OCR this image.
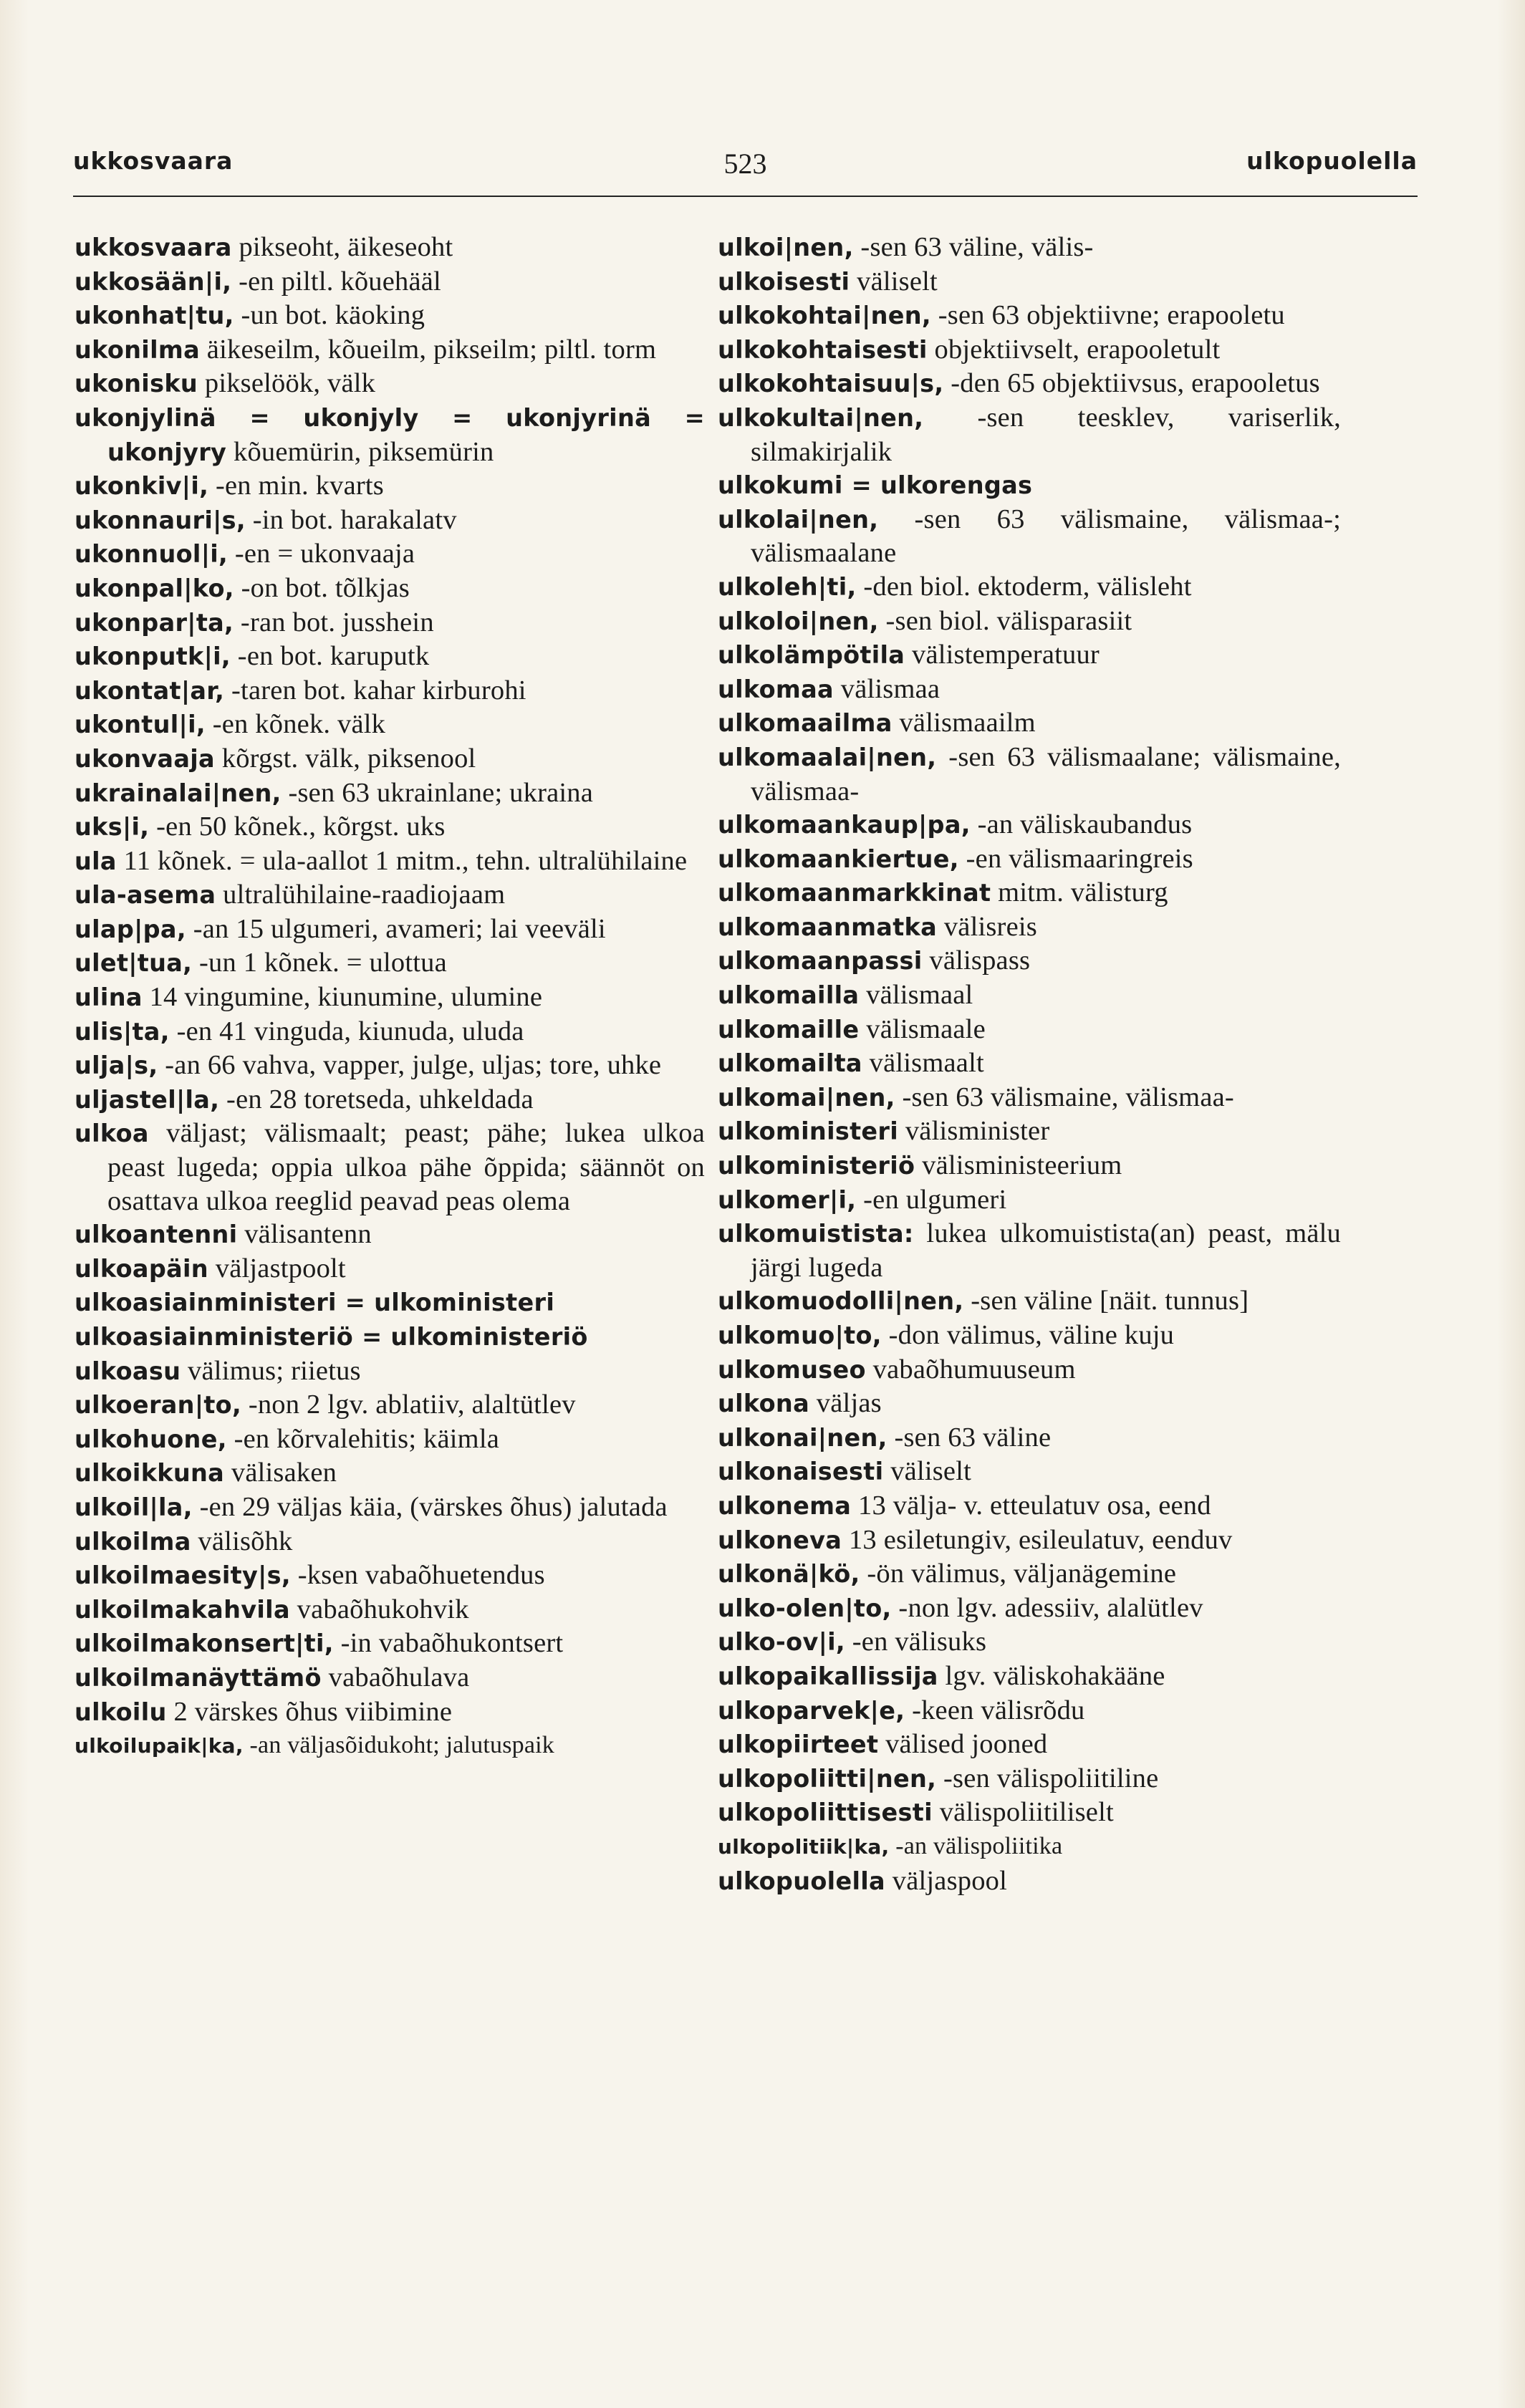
ukkosvaara	523	ulkopuolella
ukkosvaara pikseoht, äikeseoht
ukkosään|i, -en piltl. kõuehääl
ukonhat|tu, -un bot. käoking
ukonilma äikeseilm, kõueilm, pikseilm; piltl. torm
ukonisku pikselöök, välk
ukonjylinä = ukonjyly = ukonjyrinä = ukonjyry kõuemürin, piksemürin
ukonkiv|i, -en min. kvarts
ukonnauri|s, -in bot. harakalatv
ukonnuol|i, -en = ukonvaaja
ukonpal|ko, -on bot. tõlkjas
ukonpar|ta, -ran bot. jusshein
ukonputk|i, -en bot. karuputk
ukontat|ar, -taren bot. kahar kirburohi
ukontul|i, -en kõnek. välk
ukonvaaja kõrgst. välk, piksenool
ukrainalai|nen, -sen 63 ukrainlane; ukraina
uks|i, -en 50 kõnek., kõrgst. uks
ula 11 kõnek. = ula-aallot 1 mitm., tehn. ultralühilaine
ula-asema ultralühilaine-raadiojaam
ulap|pa, -an 15 ulgumeri, avameri; lai veeväli
ulet|tua, -un 1 kõnek. = ulottua
ulina 14 vingumine, kiunumine, ulumine
ulis|ta, -en 41 vinguda, kiunuda, uluda
ulja|s, -an 66 vahva, vapper, julge, uljas; tore, uhke
uljastel|la, -en 28 toretseda, uhkeldada
ulkoa väljast; välismaalt; peast; pähe; lukea ulkoa peast lugeda; oppia ulkoa pähe õppida; säännöt on osattava ulkoa reeglid peavad peas olema
ulkoantenni välisantenn
ulkoapäin väljastpoolt
ulkoasiainministeri = ulkoministeri
ulkoasiainministeriö = ulkoministeriö
ulkoasu välimus; riietus
ulkoeran|to, -non 2 lgv. ablatiiv, alaltütlev
ulkohuone, -en kõrvalehitis; käimla
ulkoikkuna välisaken
ulkoil|la, -en 29 väljas käia, (värskes õhus) jalutada
ulkoilma välisõhk
ulkoilmaesity|s, -ksen vabaõhuetendus
ulkoilmakahvila vabaõhukohvik
ulkoilmakonsert|ti, -in vabaõhukontsert
ulkoilmanäyttämö vabaõhulava
ulkoilu 2 värskes õhus viibimine
ulkoilupaik|ka, -an väljasõidukoht; jalutuspaik
ulkoi|nen, -sen 63 väline, välis-
ulkoisesti väliselt
ulkokohtai|nen, -sen 63 objektiivne; erapooletu
ulkokohtaisesti objektiivselt, erapooletult
ulkokohtaisuu|s, -den 65 objektiivsus, erapooletus
ulkokultai|nen, -sen teesklev, variserlik, silmakirjalik
ulkokumi = ulkorengas
ulkolai|nen, -sen 63 välismaine, välismaa-; välismaalane
ulkoleh|ti, -den biol. ektoderm, välisleht
ulkoloi|nen, -sen biol. välisparasiit
ulkolämpötila välistemperatuur
ulkomaa välismaa
ulkomaailma välismaailm
ulkomaalai|nen, -sen 63 välismaalane; välismaine, välismaa-
ulkomaankaup|pa, -an väliskaubandus
ulkomaankiertue, -en välismaaringreis
ulkomaanmarkkinat mitm. välisturg
ulkomaanmatka välisreis
ulkomaanpassi välispass
ulkomailla välismaal
ulkomaille välismaale
ulkomailta välismaalt
ulkomai|nen, -sen 63 välismaine, välismaa-
ulkoministeri välisminister
ulkoministeriö välisministeerium
ulkomer|i, -en ulgumeri
ulkomuistista: lukea ulkomuistista(an) peast, mälu järgi lugeda
ulkomuodolli|nen, -sen väline [näit. tunnus]
ulkomuo|to, -don välimus, väline kuju
ulkomuseo vabaõhumuuseum
ulkona väljas
ulkonai|nen, -sen 63 väline
ulkonaisesti väliselt
ulkonema 13 välja- v. etteulatuv osa, eend
ulkoneva 13 esiletungiv, esileulatuv, eenduv
ulkonä|kö, -ön välimus, väljanägemine
ulko-olen|to, -non lgv. adessiiv, alalütlev
ulko-ov|i, -en välisuks
ulkopaikallissija lgv. väliskohakääne
ulkoparvek|e, -keen välisrõdu
ulkopiirteet välised jooned
ulkopoliitti|nen, -sen välispoliitiline
ulkopoliittisesti välispoliitiliselt
ulkopolitiik|ka, -an välispoliitika
ulkopuolella väljaspool
